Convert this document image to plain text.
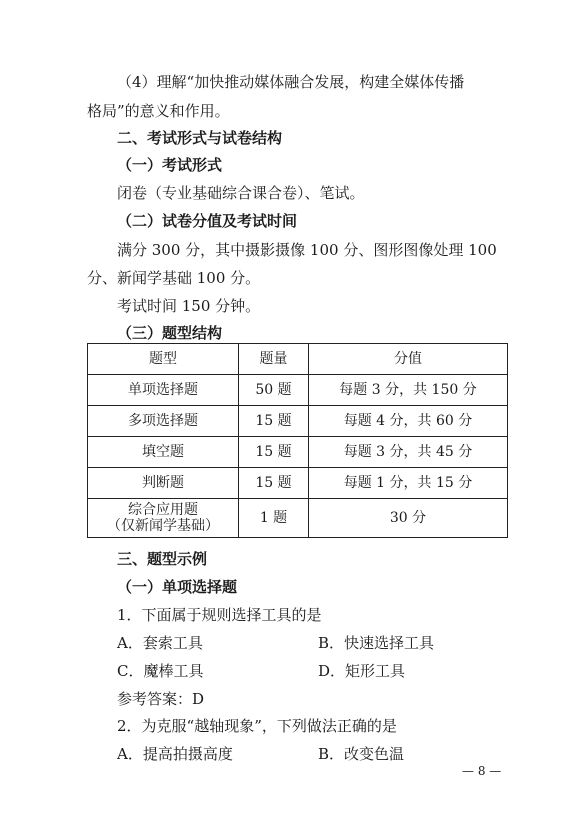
（4）理解“加快推动媒体融合发展，构建全媒体传播
格局”的意义和作用。
二、考试形式与试卷结构
（一）考试形式
闭卷（专业基础综合课合卷）、笔试。
（二）试卷分值及考试时间
满分 300 分，其中摄影摄像 100 分、图形图像处理 100
分、新闻学基础 100 分。
考试时间 150 分钟。
（三）题型结构
题型	题量	分值
单项选择题	50 题	每题 3 分，共 150 分
多项选择题	15 题	每题 4 分，共 60 分
填空题	15 题	每题 3 分，共 45 分
判断题	15 题	每题 1 分，共 15 分

综合应用题
（仅新闻学基础）	1 题	30 分
三、题型示例
（一）单项选择题
1．下面属于规则选择工具的是
A．套索工具	B．快速选择工具
C．魔棒工具	D．矩形工具
参考答案：D
2．为克服“越轴现象”，下列做法正确的是
A．提高拍摄高度	B．改变色温
— 8 —
